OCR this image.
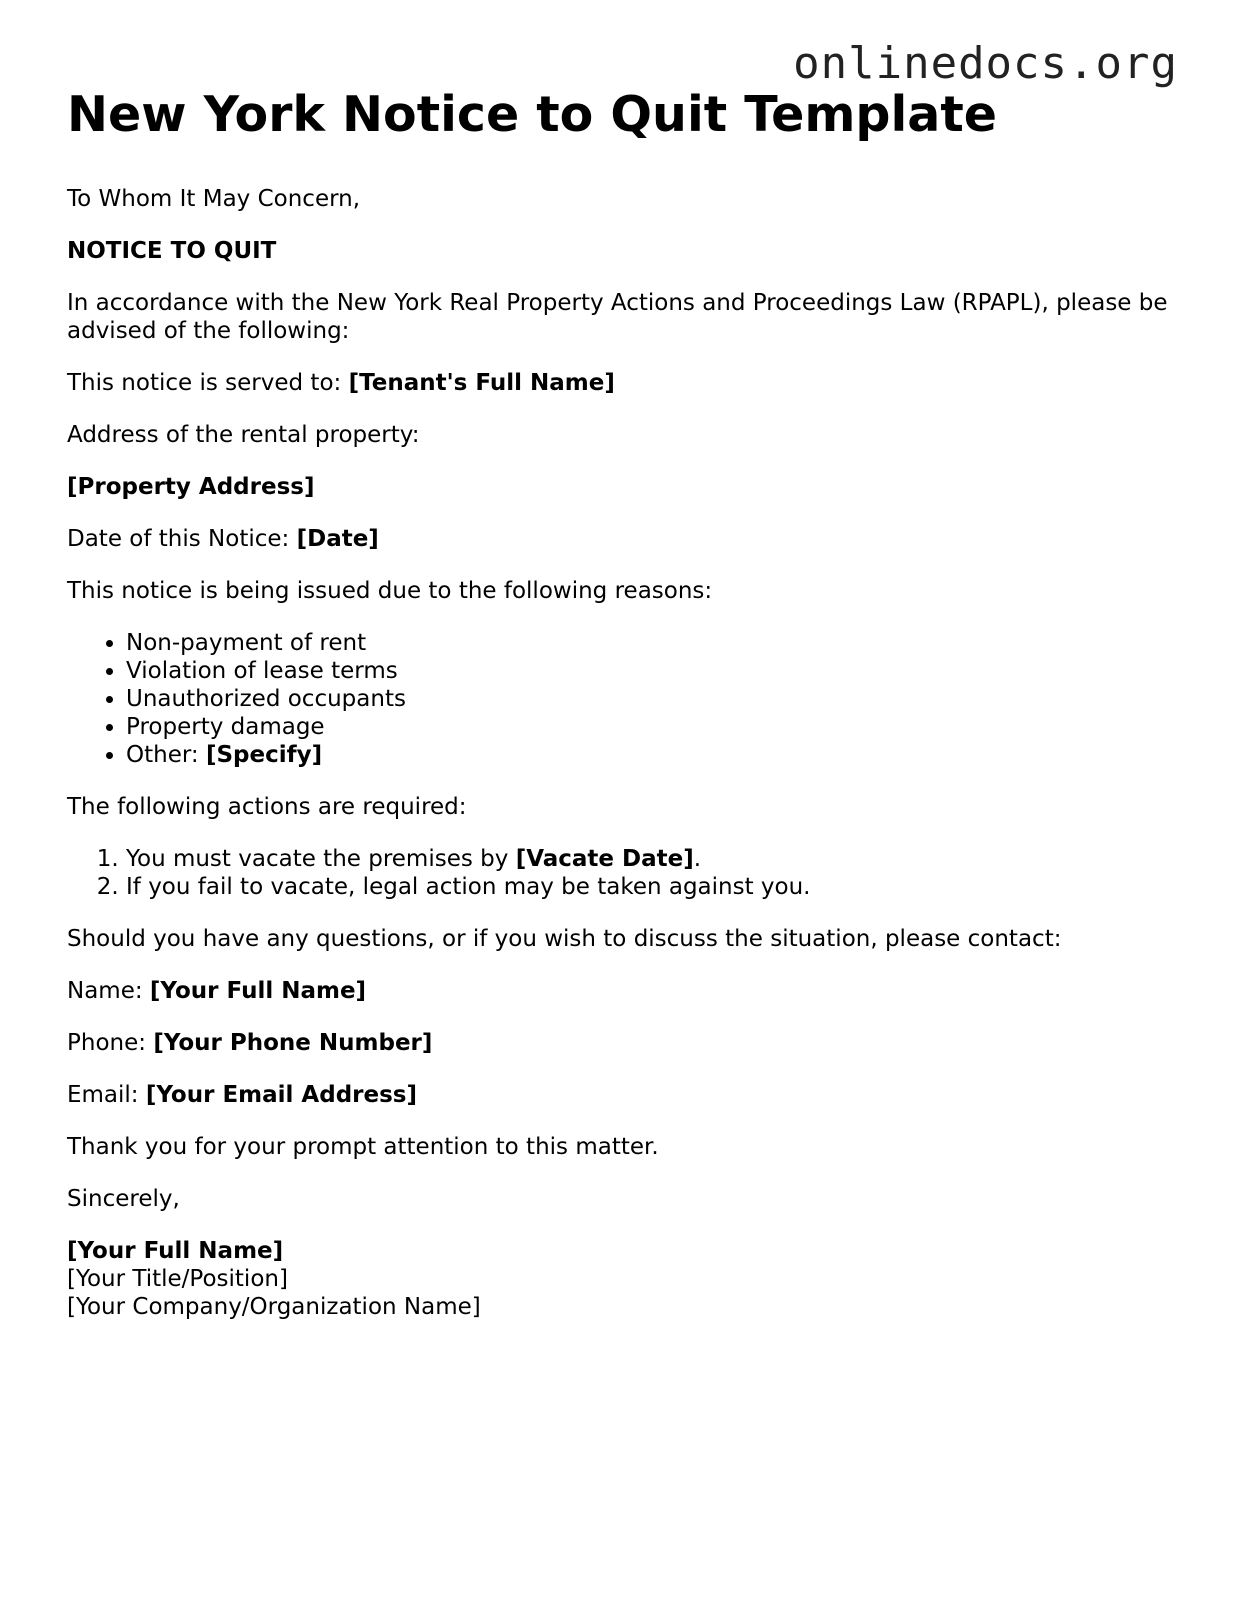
onlinedocs.org
New York Notice to Quit Template

To Whom It May Concern,

NOTICE TO QUIT

In accordance with the New York Real Property Actions and Proceedings Law (RPAPL), please be advised of the following:

This notice is served to: [Tenant's Full Name]

Address of the rental property:

[Property Address]

Date of this Notice: [Date]

This notice is being issued due to the following reasons:

• Non-payment of rent
• Violation of lease terms
• Unauthorized occupants
• Property damage
• Other: [Specify]

The following actions are required:

1. You must vacate the premises by [Vacate Date].
2. If you fail to vacate, legal action may be taken against you.

Should you have any questions, or if you wish to discuss the situation, please contact:

Name: [Your Full Name]

Phone: [Your Phone Number]

Email: [Your Email Address]

Thank you for your prompt attention to this matter.

Sincerely,

[Your Full Name]

[Your Title/Position]

[Your Company/Organization Name]
